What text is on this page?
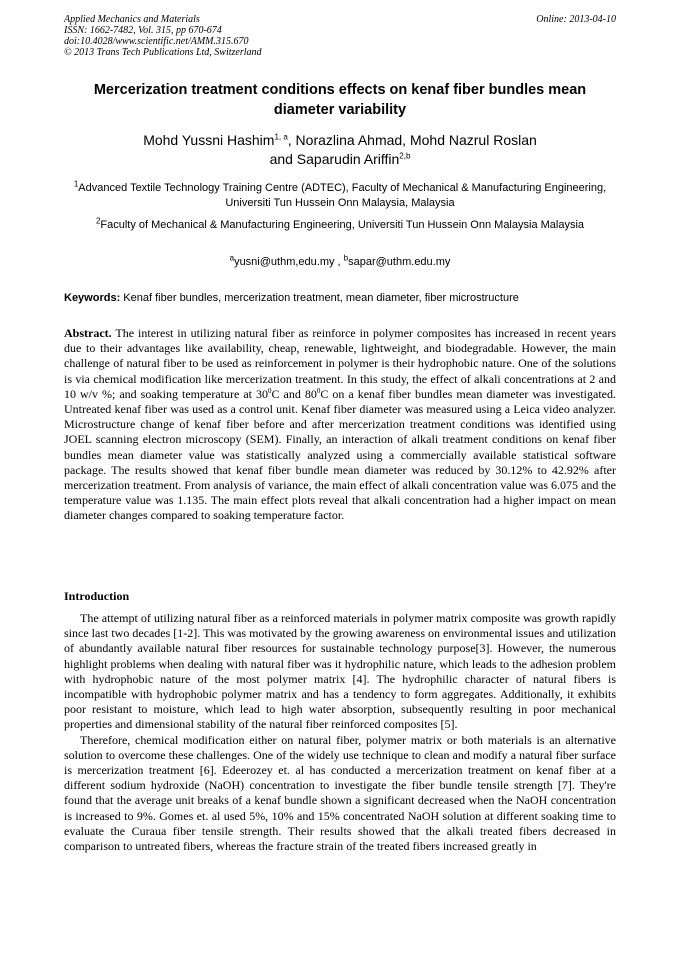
Applied Mechanics and Materials
ISSN: 1662-7482, Vol. 315, pp 670-674
doi:10.4028/www.scientific.net/AMM.315.670
© 2013 Trans Tech Publications Ltd, Switzerland
Online: 2013-04-10
Mercerization treatment conditions effects on kenaf fiber bundles mean diameter variability
Mohd Yussni Hashim$^{1, a}$, Norazlina Ahmad, Mohd Nazrul Roslan
and Saparudin Ariffin$^{2,b}$
$^1$Advanced Textile Technology Training Centre (ADTEC), Faculty of Mechanical & Manufacturing Engineering, Universiti Tun Hussein Onn Malaysia, Malaysia
$^2$Faculty of Mechanical & Manufacturing Engineering, Universiti Tun Hussein Onn Malaysia Malaysia
$^a$yusni@uthm,edu.my , $^b$sapar@uthm.edu.my
Keywords: Kenaf fiber bundles, mercerization treatment, mean diameter, fiber microstructure

Abstract. The interest in utilizing natural fiber as reinforce in polymer composites has increased in recent years due to their advantages like availability, cheap, renewable, lightweight, and biodegradable. However, the main challenge of natural fiber to be used as reinforcement in polymer is their hydrophobic nature. One of the solutions is via chemical modification like mercerization treatment. In this study, the effect of alkali concentrations at 2 and 10 w/v %; and soaking temperature at $30^0C$ and $80^0C$ on a kenaf fiber bundles mean diameter was investigated. Untreated kenaf fiber was used as a control unit. Kenaf fiber diameter was measured using a Leica video analyzer. Microstructure change of kenaf fiber before and after mercerization treatment conditions was identified using JOEL scanning electron microscopy (SEM). Finally, an interaction of alkali treatment conditions on kenaf fiber bundles mean diameter value was statistically analyzed using a commercially available statistical software package. The results showed that kenaf fiber bundle mean diameter was reduced by 30.12% to 42.92% after mercerization treatment. From analysis of variance, the main effect of alkali concentration value was 6.075 and the temperature value was 1.135. The main effect plots reveal that alkali concentration had a higher impact on mean diameter changes compared to soaking temperature factor.

Introduction

The attempt of utilizing natural fiber as a reinforced materials in polymer matrix composite was growth rapidly since last two decades [1-2]. This was motivated by the growing awareness on environmental issues and utilization of abundantly available natural fiber resources for sustainable technology purpose[3]. However, the numerous highlight problems when dealing with natural fiber was it hydrophilic nature, which leads to the adhesion problem with hydrophobic nature of the most polymer matrix [4]. The hydrophilic character of natural fibers is incompatible with hydrophobic polymer matrix and has a tendency to form aggregates. Additionally, it exhibits poor resistant to moisture, which lead to high water absorption, subsequently resulting in poor mechanical properties and dimensional stability of the natural fiber reinforced composites [5].

Therefore, chemical modification either on natural fiber, polymer matrix or both materials is an alternative solution to overcome these challenges. One of the widely use technique to clean and modify a natural fiber surface is mercerization treatment [6]. Edeerozey et. al has conducted a mercerization treatment on kenaf fiber at a different sodium hydroxide (NaOH) concentration to investigate the fiber bundle tensile strength [7]. They're found that the average unit breaks of a kenaf bundle shown a significant decreased when the NaOH concentration is increased to 9%. Gomes et. al used 5%, 10% and 15% concentrated NaOH solution at different soaking time to evaluate the Curaua fiber tensile strength. Their results showed that the alkali treated fibers decreased in comparison to untreated fibers, whereas the fracture strain of the treated fibers increased greatly in
